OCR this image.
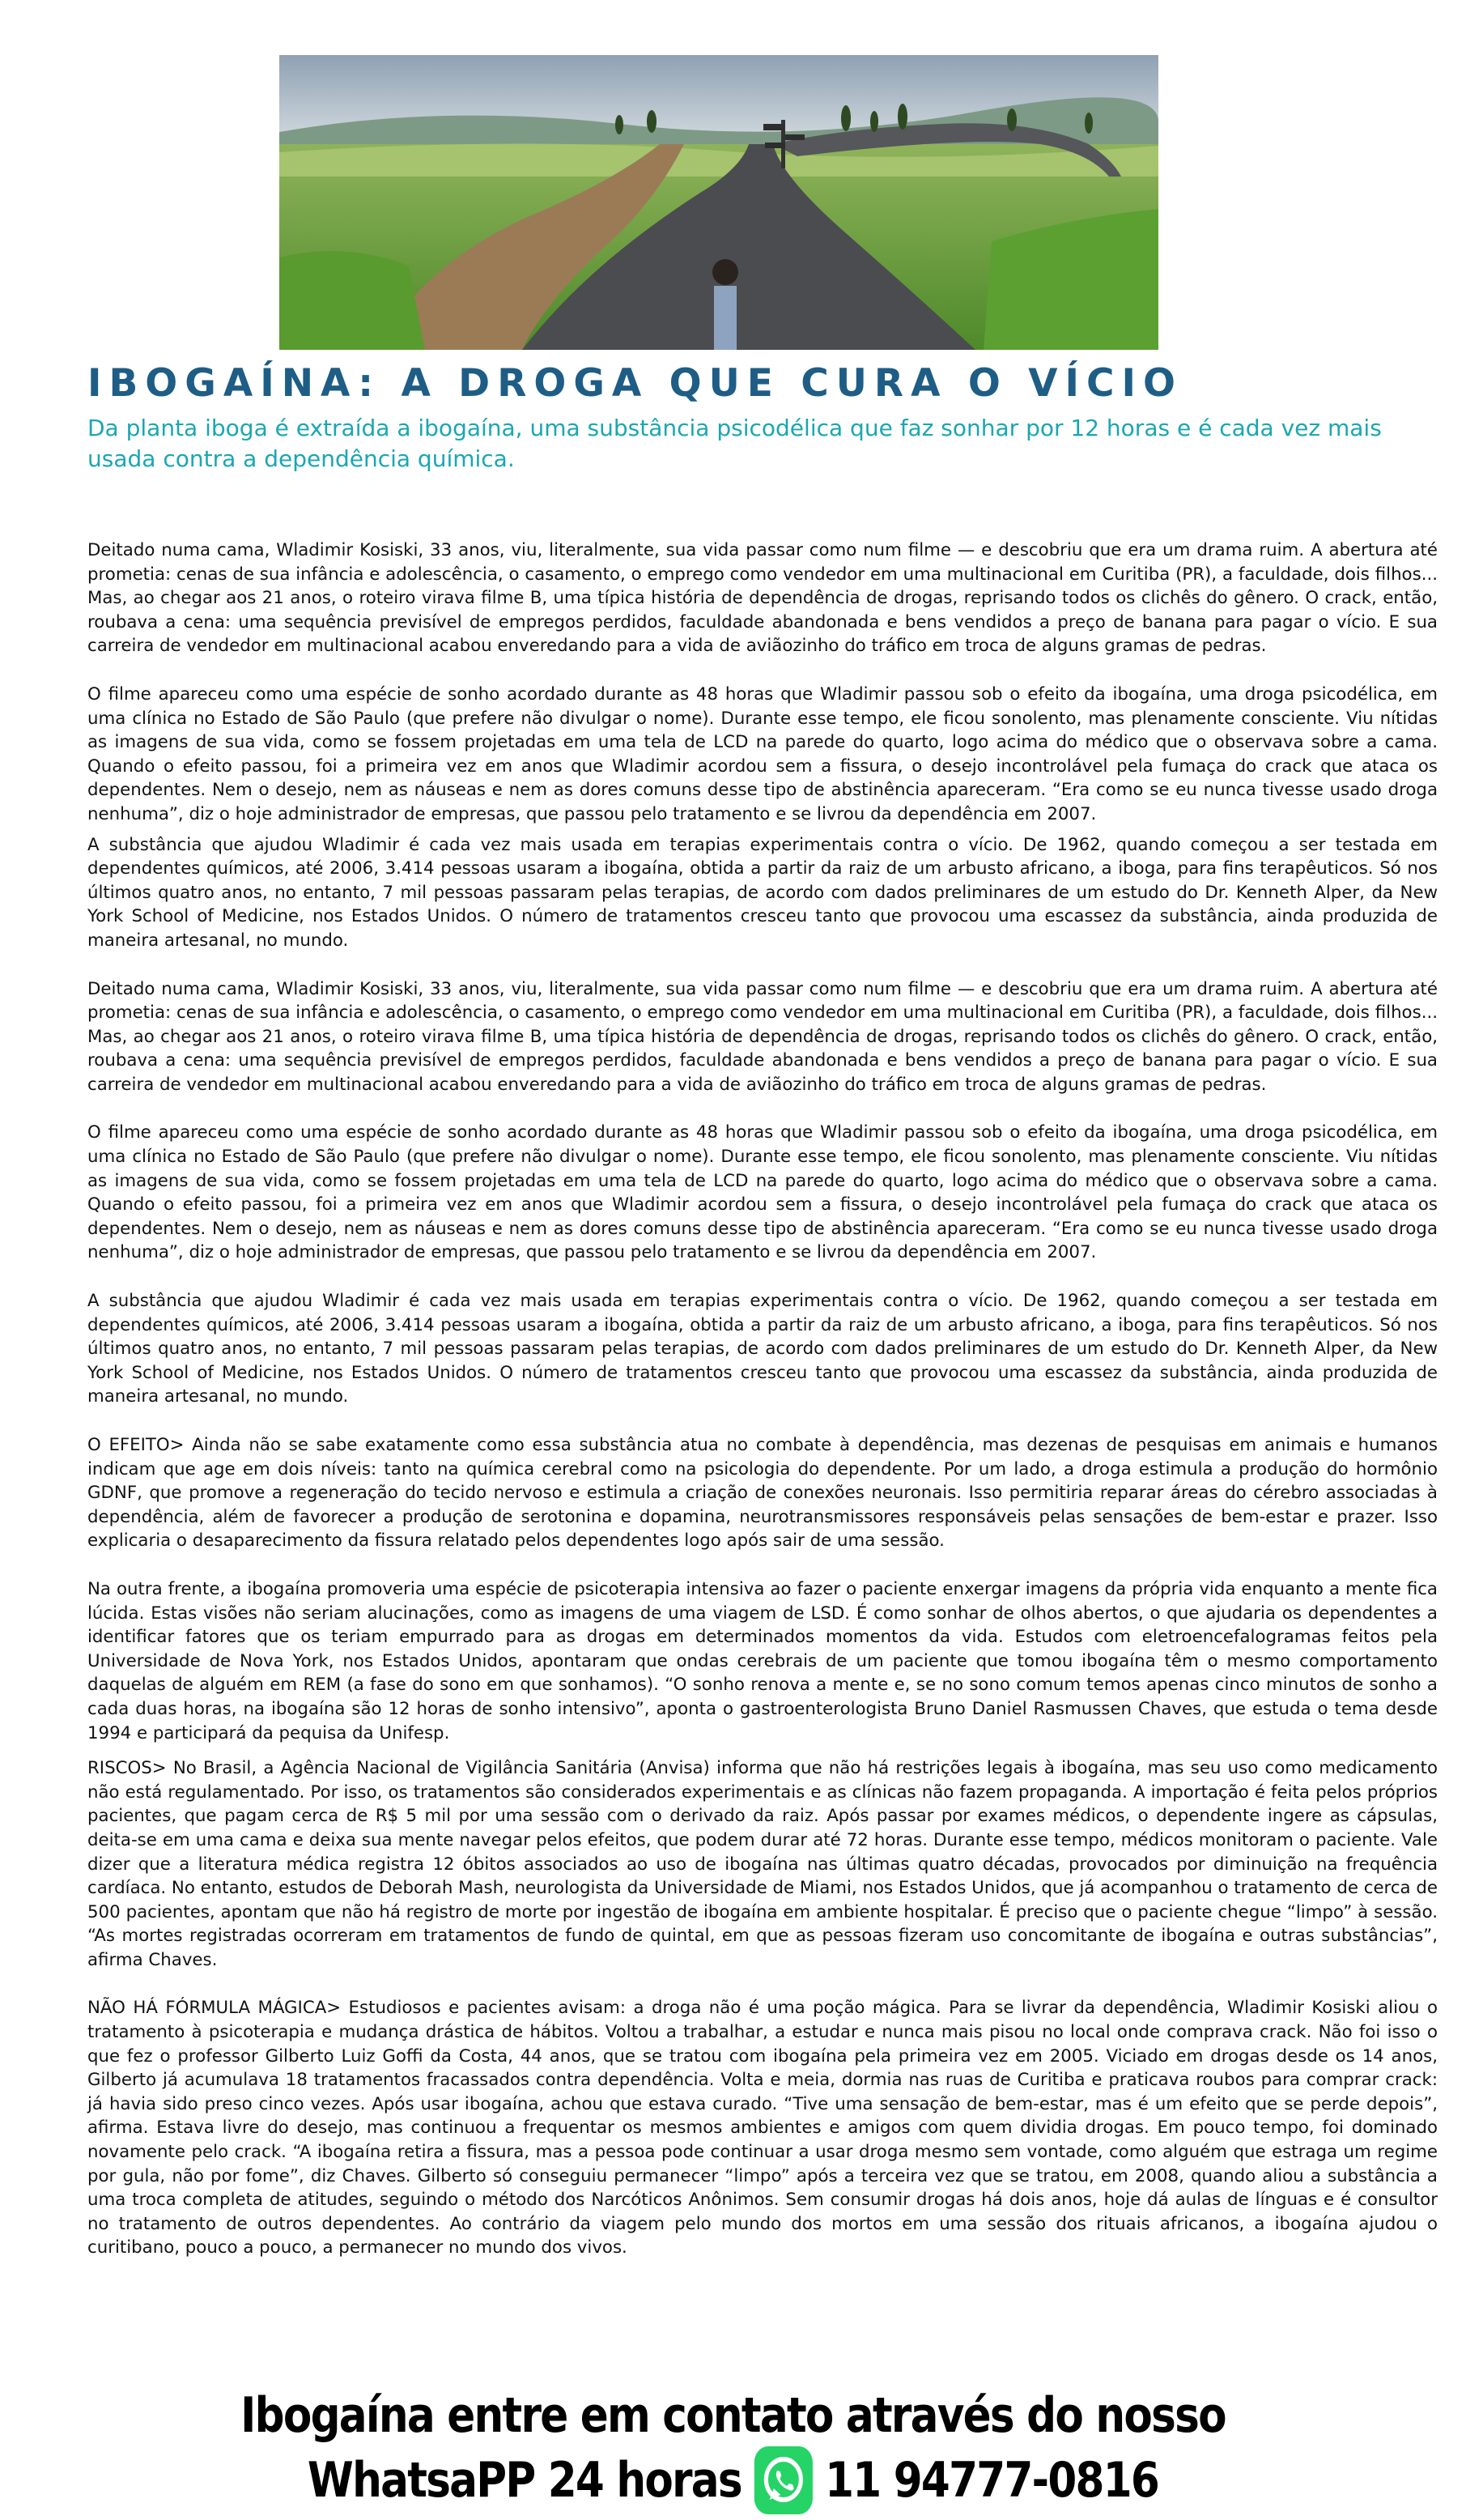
IBOGAÍNA: A DROGA QUE CURA O VÍCIO

Da planta iboga é extraída a ibogaína, uma substância psicodélica que faz sonhar por 12 horas e é cada vez mais usada contra a dependência química.

Deitado numa cama, Wladimir Kosiski, 33 anos, viu, literalmente, sua vida passar como num filme — e descobriu que era um drama ruim. A abertura até prometia: cenas de sua infância e adolescência, o casamento, o emprego como vendedor em uma multinacional em Curitiba (PR), a faculdade, dois filhos... Mas, ao chegar aos 21 anos, o roteiro virava filme B, uma típica história de dependência de drogas, reprisando todos os clichês do gênero. O crack, então, roubava a cena: uma sequência previsível de empregos perdidos, faculdade abandonada e bens vendidos a preço de banana para pagar o vício. E sua carreira de vendedor em multinacional acabou enveredando para a vida de aviãozinho do tráfico em troca de alguns gramas de pedras.

O filme apareceu como uma espécie de sonho acordado durante as 48 horas que Wladimir passou sob o efeito da ibogaína, uma droga psicodélica, em uma clínica no Estado de São Paulo (que prefere não divulgar o nome). Durante esse tempo, ele ficou sonolento, mas plenamente consciente. Viu nítidas as imagens de sua vida, como se fossem projetadas em uma tela de LCD na parede do quarto, logo acima do médico que o observava sobre a cama. Quando o efeito passou, foi a primeira vez em anos que Wladimir acordou sem a fissura, o desejo incontrolável pela fumaça do crack que ataca os dependentes. Nem o desejo, nem as náuseas e nem as dores comuns desse tipo de abstinência apareceram. “Era como se eu nunca tivesse usado droga nenhuma”, diz o hoje administrador de empresas, que passou pelo tratamento e se livrou da dependência em 2007.

A substância que ajudou Wladimir é cada vez mais usada em terapias experimentais contra o vício. De 1962, quando começou a ser testada em dependentes químicos, até 2006, 3.414 pessoas usaram a ibogaína, obtida a partir da raiz de um arbusto africano, a iboga, para fins terapêuticos. Só nos últimos quatro anos, no entanto, 7 mil pessoas passaram pelas terapias, de acordo com dados preliminares de um estudo do Dr. Kenneth Alper, da New York School of Medicine, nos Estados Unidos. O número de tratamentos cresceu tanto que provocou uma escassez da substância, ainda produzida de maneira artesanal, no mundo.

Deitado numa cama, Wladimir Kosiski, 33 anos, viu, literalmente, sua vida passar como num filme — e descobriu que era um drama ruim. A abertura até prometia: cenas de sua infância e adolescência, o casamento, o emprego como vendedor em uma multinacional em Curitiba (PR), a faculdade, dois filhos... Mas, ao chegar aos 21 anos, o roteiro virava filme B, uma típica história de dependência de drogas, reprisando todos os clichês do gênero. O crack, então, roubava a cena: uma sequência previsível de empregos perdidos, faculdade abandonada e bens vendidos a preço de banana para pagar o vício. E sua carreira de vendedor em multinacional acabou enveredando para a vida de aviãozinho do tráfico em troca de alguns gramas de pedras.

O filme apareceu como uma espécie de sonho acordado durante as 48 horas que Wladimir passou sob o efeito da ibogaína, uma droga psicodélica, em uma clínica no Estado de São Paulo (que prefere não divulgar o nome). Durante esse tempo, ele ficou sonolento, mas plenamente consciente. Viu nítidas as imagens de sua vida, como se fossem projetadas em uma tela de LCD na parede do quarto, logo acima do médico que o observava sobre a cama. Quando o efeito passou, foi a primeira vez em anos que Wladimir acordou sem a fissura, o desejo incontrolável pela fumaça do crack que ataca os dependentes. Nem o desejo, nem as náuseas e nem as dores comuns desse tipo de abstinência apareceram. “Era como se eu nunca tivesse usado droga nenhuma”, diz o hoje administrador de empresas, que passou pelo tratamento e se livrou da dependência em 2007.

A substância que ajudou Wladimir é cada vez mais usada em terapias experimentais contra o vício. De 1962, quando começou a ser testada em dependentes químicos, até 2006, 3.414 pessoas usaram a ibogaína, obtida a partir da raiz de um arbusto africano, a iboga, para fins terapêuticos. Só nos últimos quatro anos, no entanto, 7 mil pessoas passaram pelas terapias, de acordo com dados preliminares de um estudo do Dr. Kenneth Alper, da New York School of Medicine, nos Estados Unidos. O número de tratamentos cresceu tanto que provocou uma escassez da substância, ainda produzida de maneira artesanal, no mundo.

O EFEITO> Ainda não se sabe exatamente como essa substância atua no combate à dependência, mas dezenas de pesquisas em animais e humanos indicam que age em dois níveis: tanto na química cerebral como na psicologia do dependente. Por um lado, a droga estimula a produção do hormônio GDNF, que promove a regeneração do tecido nervoso e estimula a criação de conexões neuronais. Isso permitiria reparar áreas do cérebro associadas à dependência, além de favorecer a produção de serotonina e dopamina, neurotransmissores responsáveis pelas sensações de bem-estar e prazer. Isso explicaria o desaparecimento da fissura relatado pelos dependentes logo após sair de uma sessão.

Na outra frente, a ibogaína promoveria uma espécie de psicoterapia intensiva ao fazer o paciente enxergar imagens da própria vida enquanto a mente fica lúcida. Estas visões não seriam alucinações, como as imagens de uma viagem de LSD. É como sonhar de olhos abertos, o que ajudaria os dependentes a identificar fatores que os teriam empurrado para as drogas em determinados momentos da vida. Estudos com eletroencefalogramas feitos pela Universidade de Nova York, nos Estados Unidos, apontaram que ondas cerebrais de um paciente que tomou ibogaína têm o mesmo comportamento daquelas de alguém em REM (a fase do sono em que sonhamos). “O sonho renova a mente e, se no sono comum temos apenas cinco minutos de sonho a cada duas horas, na ibogaína são 12 horas de sonho intensivo”, aponta o gastroenterologista Bruno Daniel Rasmussen Chaves, que estuda o tema desde 1994 e participará da pequisa da Unifesp.

RISCOS> No Brasil, a Agência Nacional de Vigilância Sanitária (Anvisa) informa que não há restrições legais à ibogaína, mas seu uso como medicamento não está regulamentado. Por isso, os tratamentos são considerados experimentais e as clínicas não fazem propaganda. A importação é feita pelos próprios pacientes, que pagam cerca de R$ 5 mil por uma sessão com o derivado da raiz. Após passar por exames médicos, o dependente ingere as cápsulas, deita-se em uma cama e deixa sua mente navegar pelos efeitos, que podem durar até 72 horas. Durante esse tempo, médicos monitoram o paciente. Vale dizer que a literatura médica registra 12 óbitos associados ao uso de ibogaína nas últimas quatro décadas, provocados por diminuição na frequência cardíaca. No entanto, estudos de Deborah Mash, neurologista da Universidade de Miami, nos Estados Unidos, que já acompanhou o tratamento de cerca de 500 pacientes, apontam que não há registro de morte por ingestão de ibogaína em ambiente hospitalar. É preciso que o paciente chegue “limpo” à sessão. “As mortes registradas ocorreram em tratamentos de fundo de quintal, em que as pessoas fizeram uso concomitante de ibogaína e outras substâncias”, afirma Chaves.

NÃO HÁ FÓRMULA MÁGICA> Estudiosos e pacientes avisam: a droga não é uma poção mágica. Para se livrar da dependência, Wladimir Kosiski aliou o tratamento à psicoterapia e mudança drástica de hábitos. Voltou a trabalhar, a estudar e nunca mais pisou no local onde comprava crack. Não foi isso o que fez o professor Gilberto Luiz Goffi da Costa, 44 anos, que se tratou com ibogaína pela primeira vez em 2005. Viciado em drogas desde os 14 anos, Gilberto já acumulava 18 tratamentos fracassados contra dependência. Volta e meia, dormia nas ruas de Curitiba e praticava roubos para comprar crack: já havia sido preso cinco vezes. Após usar ibogaína, achou que estava curado. “Tive uma sensação de bem-estar, mas é um efeito que se perde depois”, afirma. Estava livre do desejo, mas continuou a frequentar os mesmos ambientes e amigos com quem dividia drogas. Em pouco tempo, foi dominado novamente pelo crack. “A ibogaína retira a fissura, mas a pessoa pode continuar a usar droga mesmo sem vontade, como alguém que estraga um regime por gula, não por fome”, diz Chaves. Gilberto só conseguiu permanecer “limpo” após a terceira vez que se tratou, em 2008, quando aliou a substância a uma troca completa de atitudes, seguindo o método dos Narcóticos Anônimos. Sem consumir drogas há dois anos, hoje dá aulas de línguas e é consultor no tratamento de outros dependentes. Ao contrário da viagem pelo mundo dos mortos em uma sessão dos rituais africanos, a ibogaína ajudou o curitibano, pouco a pouco, a permanecer no mundo dos vivos.

Ibogaína entre em contato através do nosso
WhatsaPP 24 horas 11 94777-0816
